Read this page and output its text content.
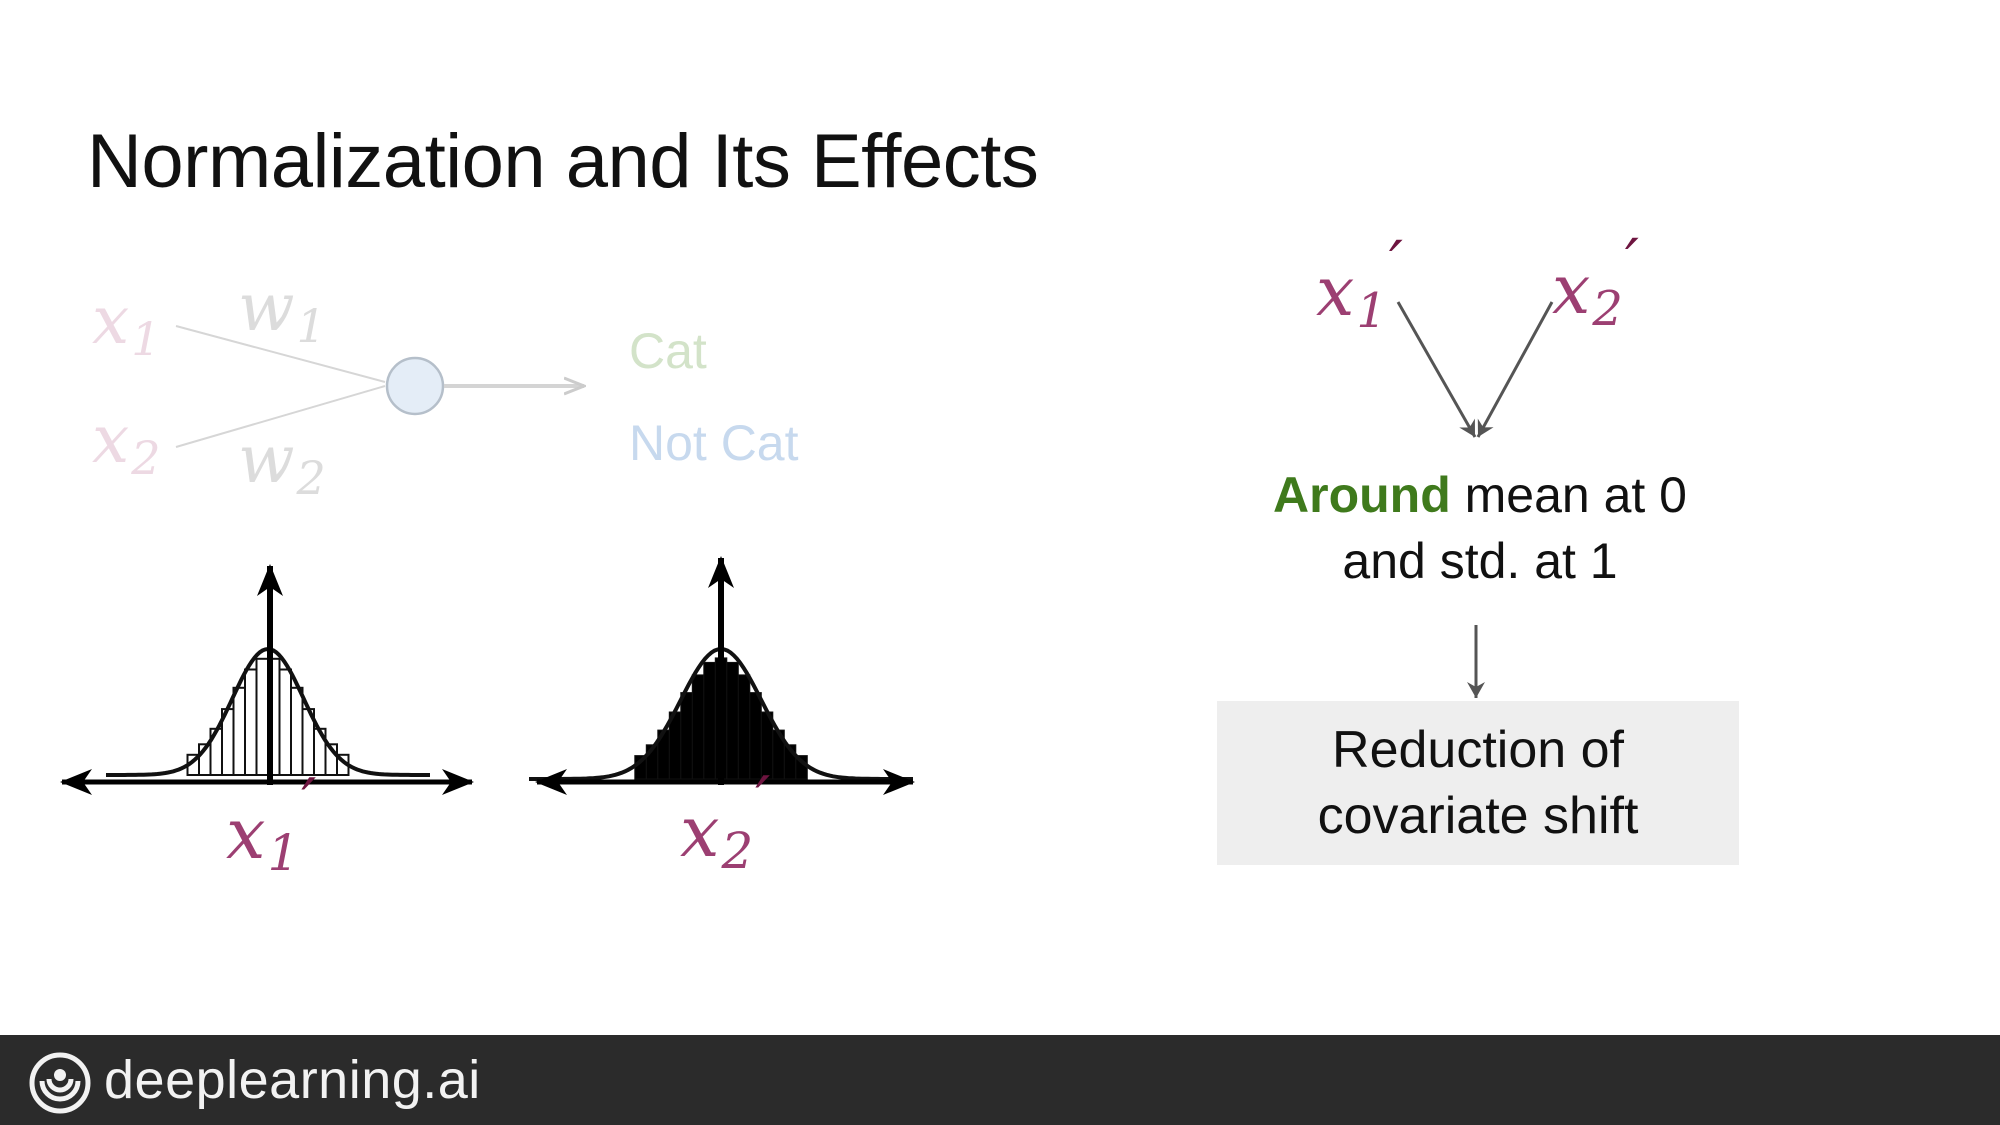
Normalization and Its Effects
x1
x2
w1
w2
Cat
Not Cat
x1′	x2′
x1′ x2′
Around mean at 0
and std. at 1
Reduction of
covariate shift
deeplearning.ai
